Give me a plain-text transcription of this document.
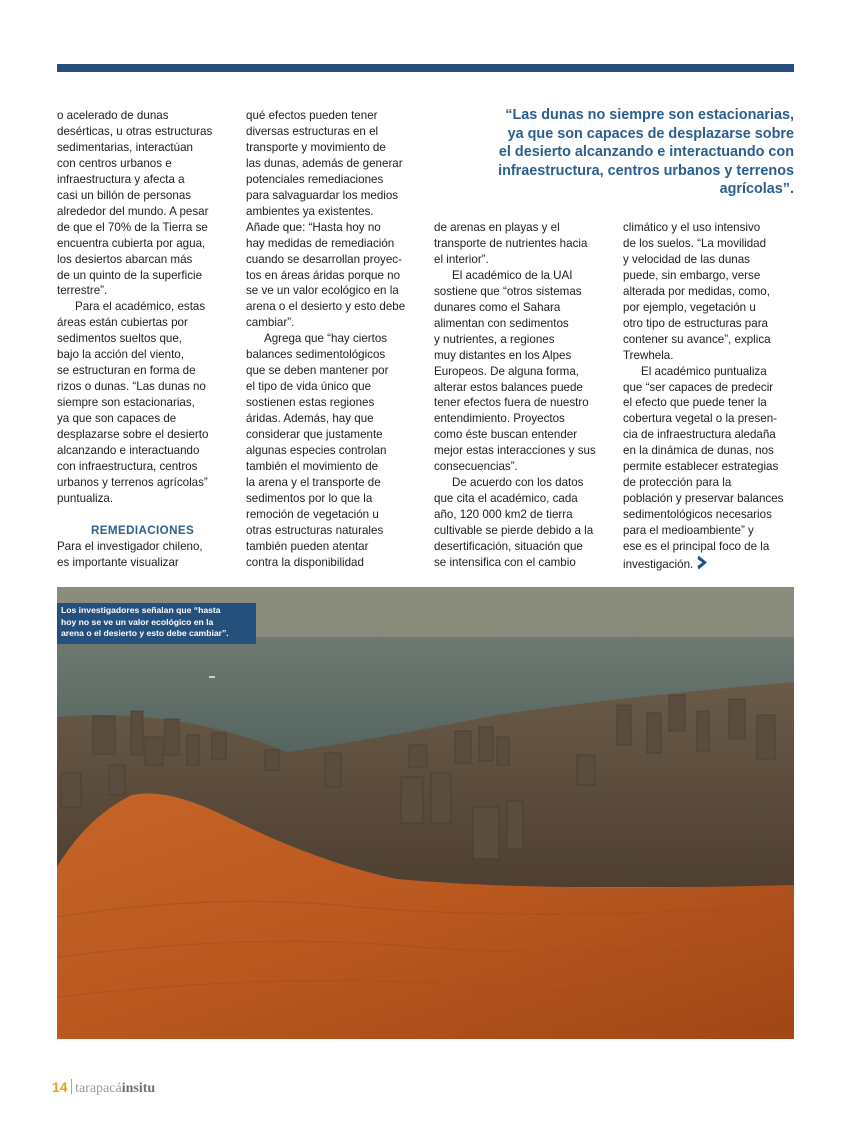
“Las dunas no siempre son estacionarias,

ya que son capaces de desplazarse sobre

el desierto alcanzando e interactuando con

infraestructura, centros urbanos y terrenos

agrícolas”.

o acelerado de dunas

desérticas, u otras estructuras

sedimentarias, interactúan

con centros urbanos e

infraestructura y afecta a

casi un billón de personas

alrededor del mundo. A pesar

de que el 70% de la Tierra se

encuentra cubierta por agua,

los desiertos abarcan más

de un quinto de la superficie

terrestre”.

Para el académico, estas

áreas están cubiertas por

sedimentos sueltos que,

bajo la acción del viento,

se estructuran en forma de

rizos o dunas. “Las dunas no

siempre son estacionarias,

ya que son capaces de

desplazarse sobre el desierto

alcanzando e interactuando

con infraestructura, centros

urbanos y terrenos agrícolas”

puntualiza.

REMEDIACIONES

Para el investigador chileno,

es importante visualizar

qué efectos pueden tener

diversas estructuras en el

transporte y movimiento de

las dunas, además de generar

potenciales remediaciones

para salvaguardar los medios

ambientes ya existentes.

Añade que: “Hasta hoy no

hay medidas de remediación

cuando se desarrollan proyec-

tos en áreas áridas porque no

se ve un valor ecológico en la

arena o el desierto y esto debe

cambiar”.

Agrega que “hay ciertos

balances sedimentológicos

que se deben mantener por

el tipo de vida único que

sostienen estas regiones

áridas. Además, hay que

considerar que justamente

algunas especies controlan

también el movimiento de

la arena y el transporte de

sedimentos por lo que la

remoción de vegetación u

otras estructuras naturales

también pueden atentar

contra la disponibilidad

de arenas en playas y el

transporte de nutrientes hacia

el interior”.

El académico de la UAI

sostiene que “otros sistemas

dunares como el Sahara

alimentan con sedimentos

y nutrientes, a regiones

muy distantes en los Alpes

Europeos. De alguna forma,

alterar estos balances puede

tener efectos fuera de nuestro

entendimiento. Proyectos

como éste buscan entender

mejor estas interacciones y sus

consecuencias”.

De acuerdo con los datos

que cita el académico, cada

año, 120 000 km2 de tierra

cultivable se pierde debido a la

desertificación, situación que

se intensifica con el cambio

climático y el uso intensivo

de los suelos. “La movilidad

y velocidad de las dunas

puede, sin embargo, verse

alterada por medidas, como,

por ejemplo, vegetación u

otro tipo de estructuras para

contener su avance”, explica

Trewhela.

El académico puntualiza

que “ser capaces de predecir

el efecto que puede tener la

cobertura vegetal o la presen-

cia de infraestructura aledaña

en la dinámica de dunas, nos

permite establecer estrategias

de protección para la

población y preservar balances

sedimentológicos necesarios

para el medioambiente” y

ese es el principal foco de la

investigación.

Los investigadores señalan que “hasta

hoy no se ve un valor ecológico en la

arena o el desierto y esto debe cambiar”.

14 tarapacáinsitu
